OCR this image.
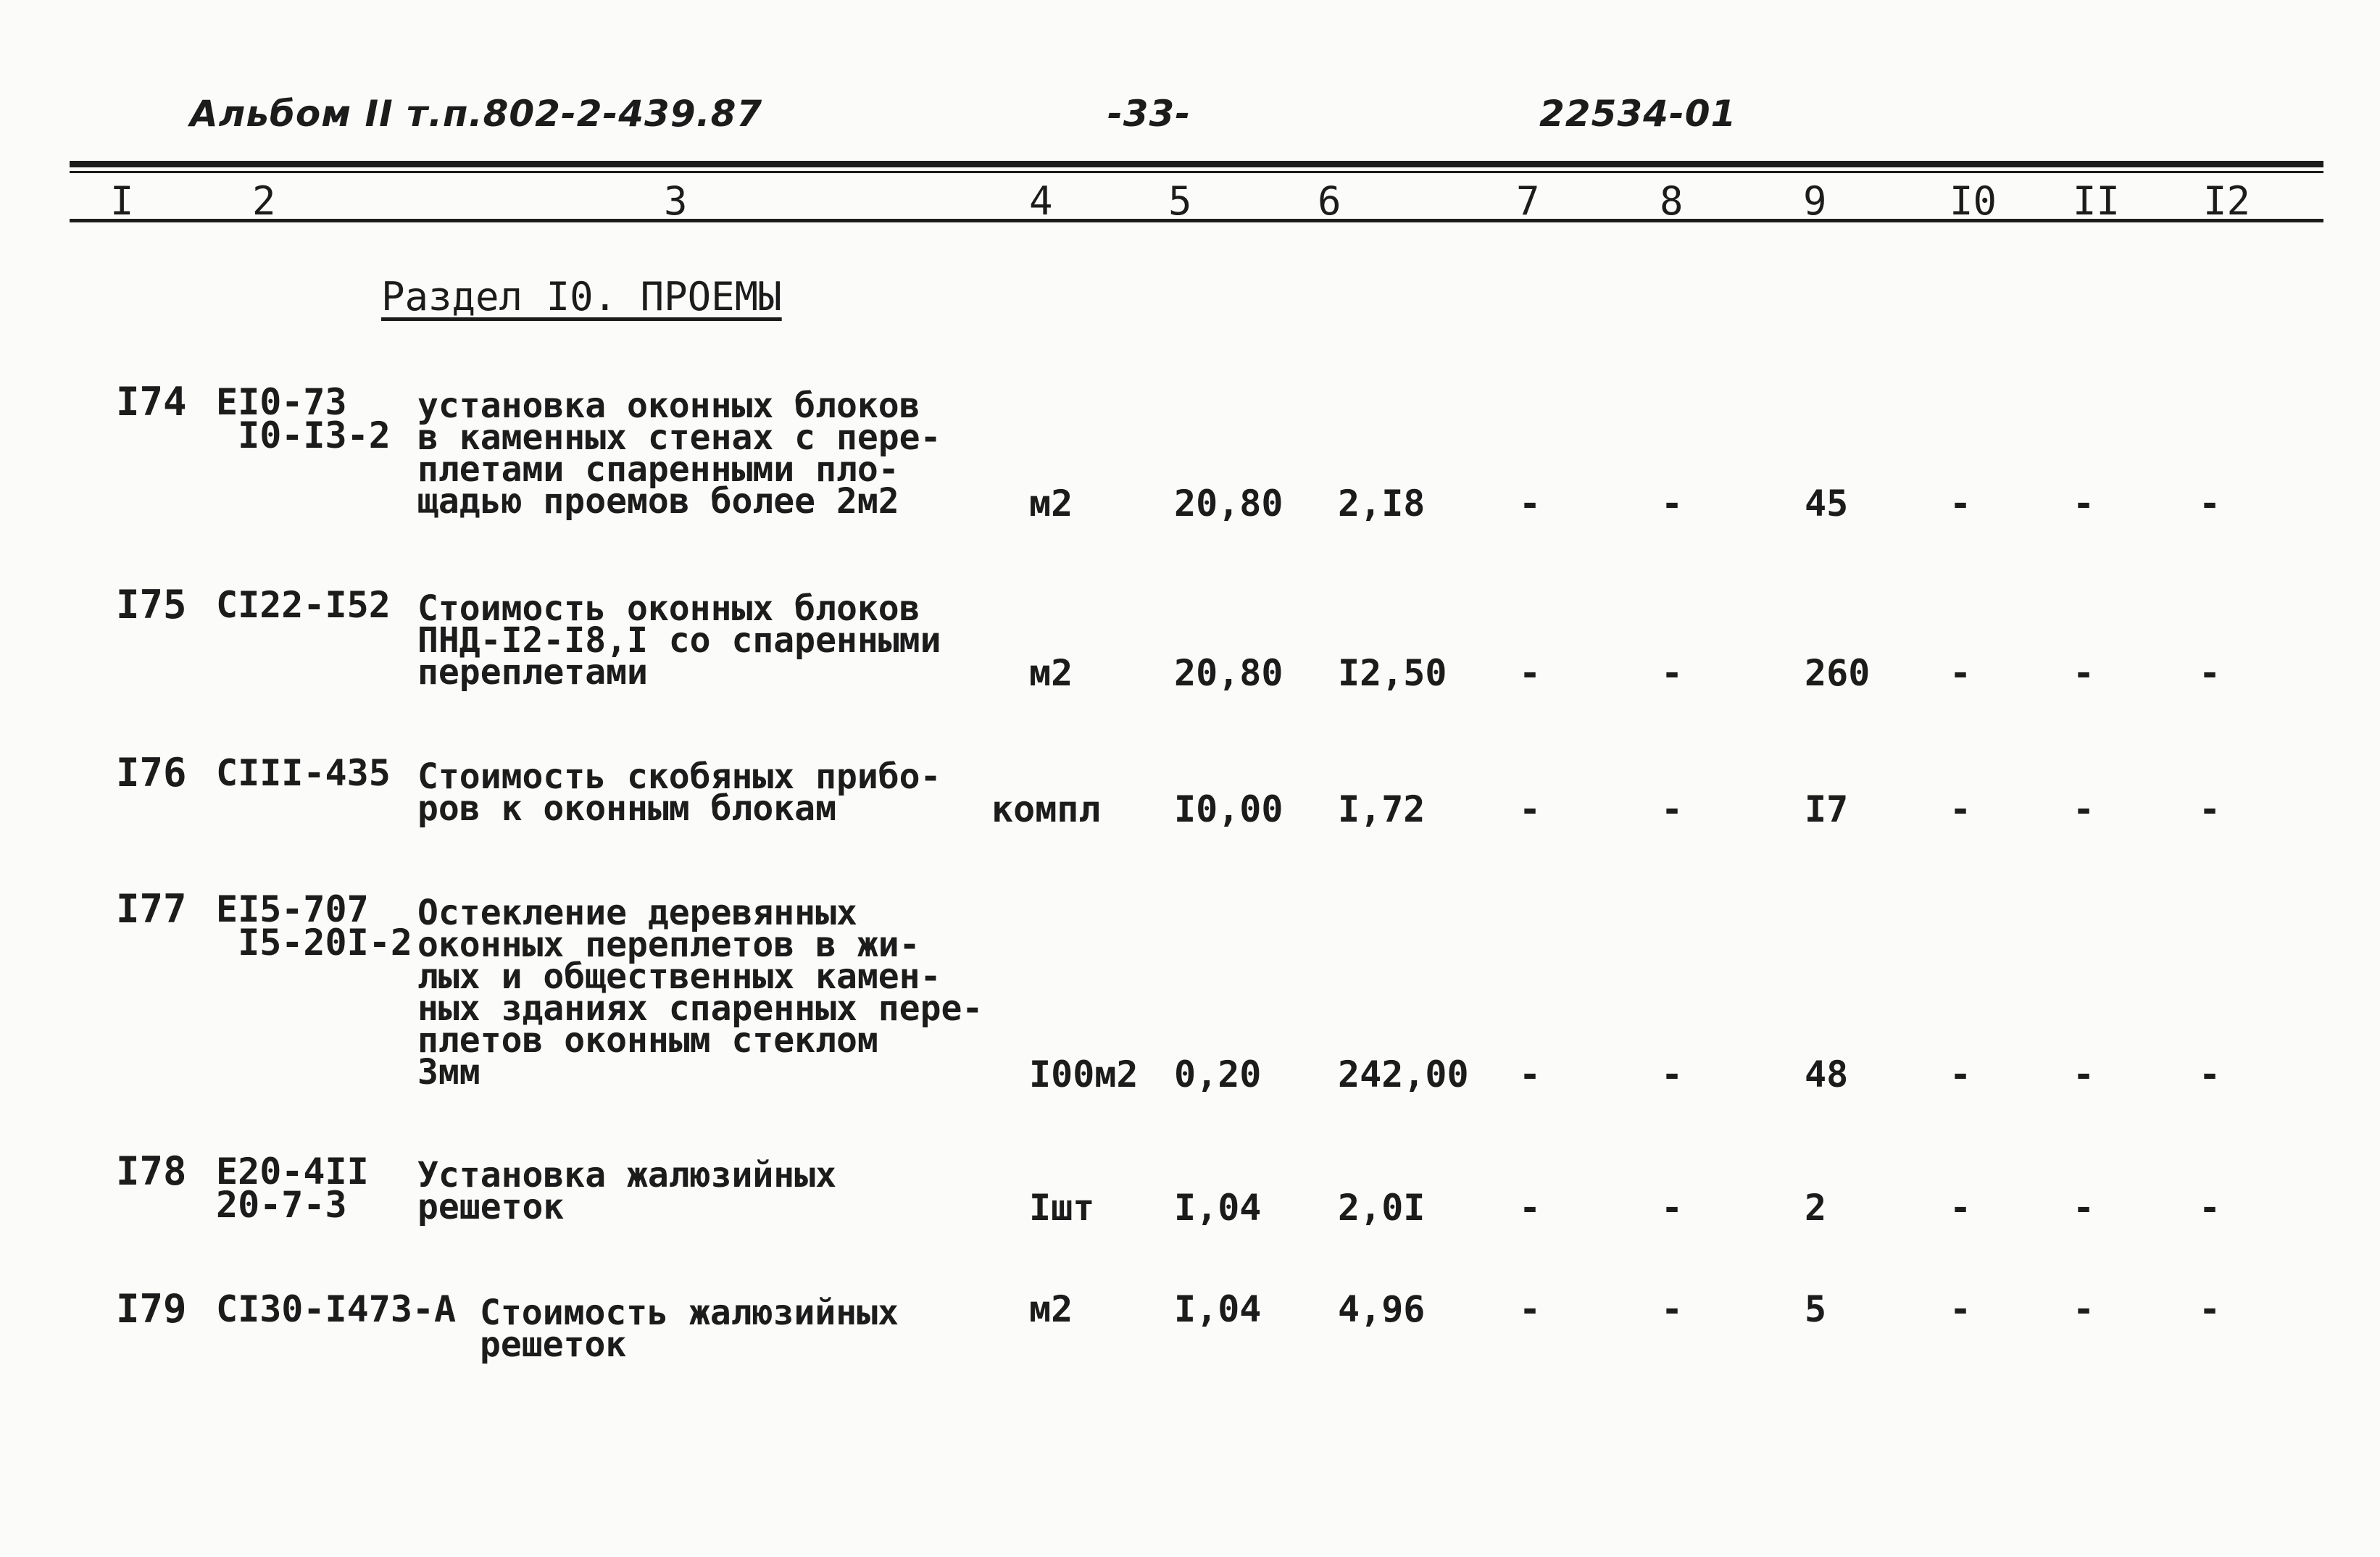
Альбом II т.п.802-2-439.87	-33-	22534-01
I	2	3	4	5	6	7	8	9	I0 II I2
Раздел I0. ПРОЕМЫ
I74 ЕI0-73
I0-I3-2
установка оконных блоков
в каменных стенах с пере-
плетами спаренными пло-
щадью проемов более 2м2	м2	20,80 2,I8	-	-	45	-	-	-
I75 CI22-I52 Стоимость оконных блоков
ПНД-I2-I8,I со спаренными
переплетами	м2	20,80 I2,50 -	-	260 -	-	-
I76 CIII-435 Стоимость скобяных прибо-
ров к оконным блокам	компл I0,00 I,72	-	-	I7	-	-	-
I77 ЕI5-707
I5-20I-2
Остекление деревянных
оконных переплетов в жи-
лых и общественных камен-
ных зданиях спаренных пере-
плетов оконным стеклом
3мм	I00м2 0,20 242,00 -	-	48	-	-	-
I78 Е20-4II
20-7-3
Установка жалюзийных
решеток	Iшт I,04 2,0I	-	-	2	-	-	-
I79 CI30-I473-А Стоимость жалюзийных
решеток
м2	I,04 4,96	-	-	5	-	-	-
